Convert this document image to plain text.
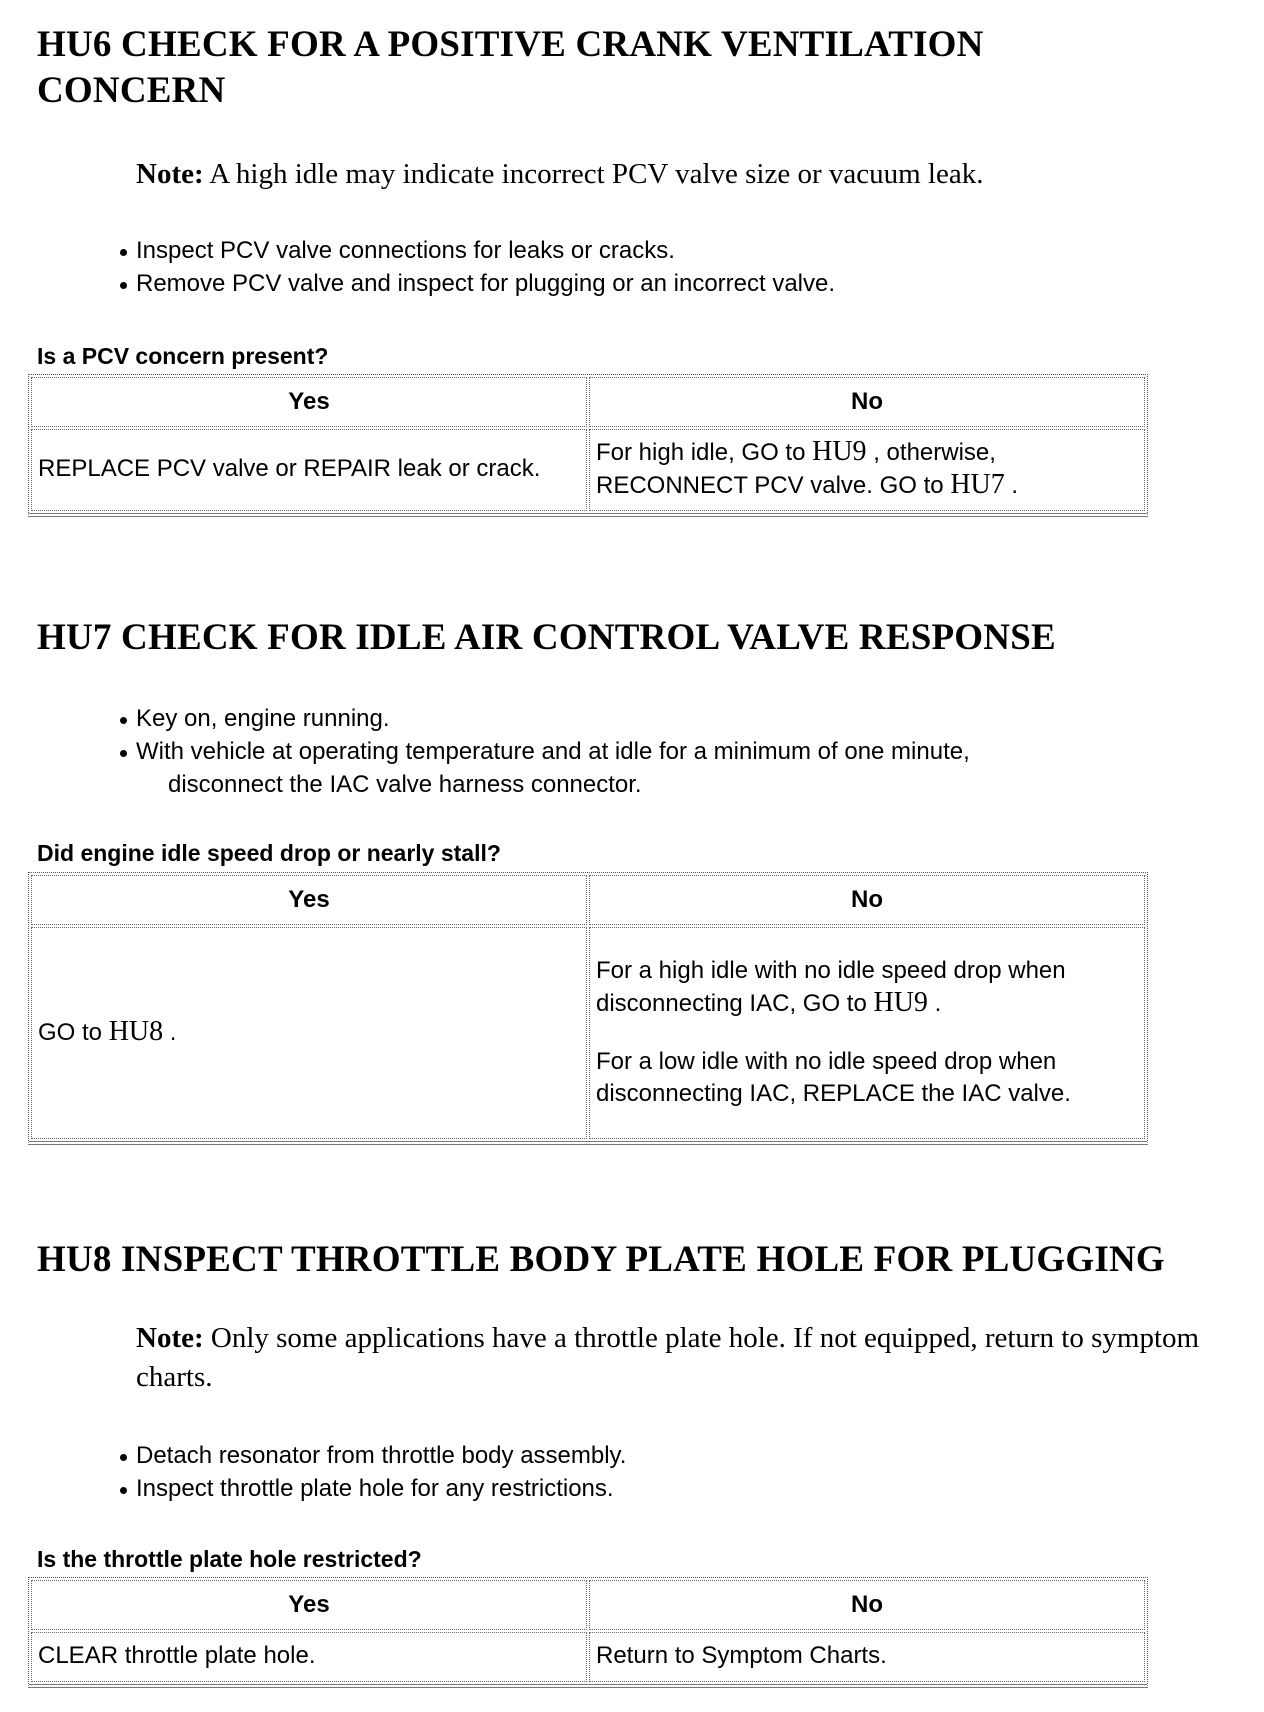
HU6 CHECK FOR A POSITIVE CRANK VENTILATION
CONCERN

Note: A high idle may indicate incorrect PCV valve size or vacuum leak.

Inspect PCV valve connections for leaks or cracks.
Remove PCV valve and inspect for plugging or an incorrect valve.

Is a PCV concern present?

Yes	No
REPLACE PCV valve or REPAIR leak or crack.	For high idle, GO to HU9 , otherwise, RECONNECT PCV valve. GO to HU7 .
HU7 CHECK FOR IDLE AIR CONTROL VALVE RESPONSE
Key on, engine running.
With vehicle at operating temperature and at idle for a minimum of one minute,
disconnect the IAC valve harness connector.

Did engine idle speed drop or nearly stall?

Yes	No
GO to HU8 .	For a high idle with no idle speed drop when disconnecting IAC, GO to HU9 .
For a low idle with no idle speed drop when disconnecting IAC, REPLACE the IAC valve.
HU8 INSPECT THROTTLE BODY PLATE HOLE FOR PLUGGING

Note: Only some applications have a throttle plate hole. If not equipped, return to symptom charts.

Detach resonator from throttle body assembly.
Inspect throttle plate hole for any restrictions.

Is the throttle plate hole restricted?

Yes	No
CLEAR throttle plate hole.	Return to Symptom Charts.
